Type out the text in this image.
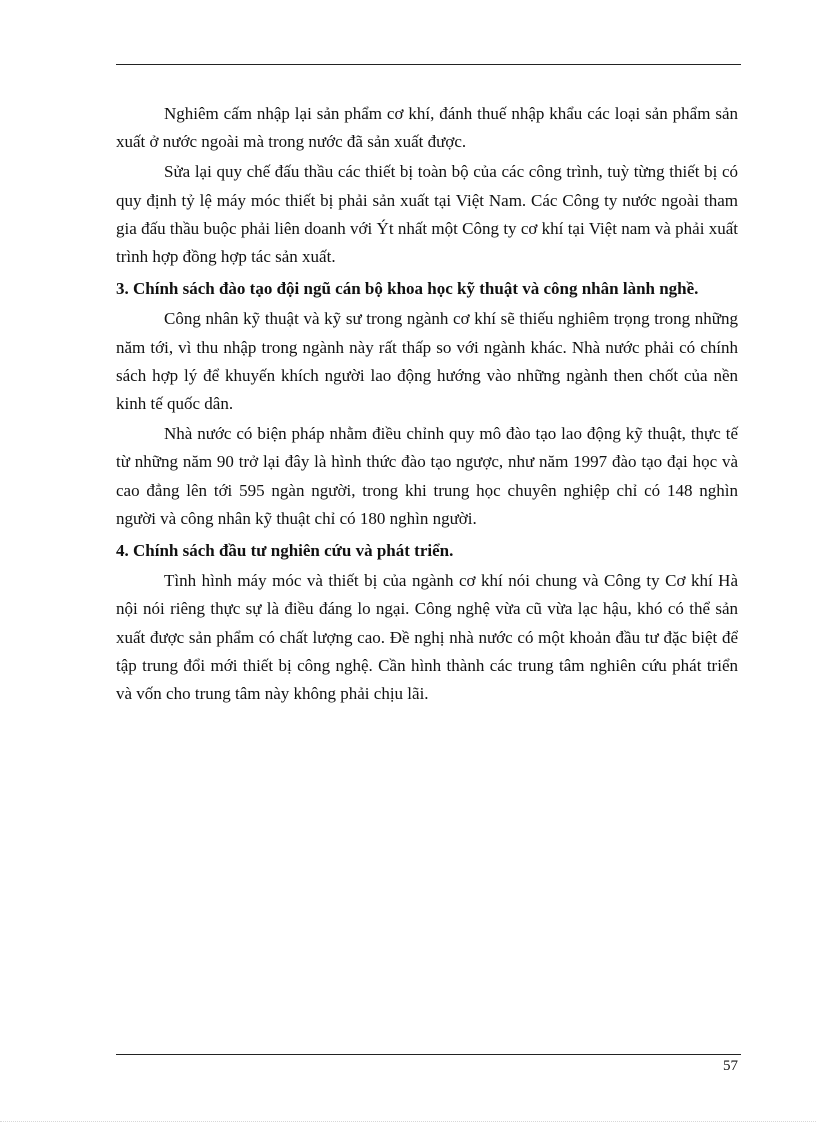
Nghiêm cấm nhập lại sản phẩm cơ khí, đánh thuế nhập khẩu các loại sản phẩm sản xuất ở nước ngoài mà trong nước đã sản xuất được.

Sửa lại quy chế đấu thầu các thiết bị toàn bộ của các công trình, tuỳ từng thiết bị có quy định tỷ lệ máy móc thiết bị phải sản xuất tại Việt Nam. Các Công ty nước ngoài tham gia đấu thầu buộc phải liên doanh với Ýt nhất một Công ty cơ khí tại Việt nam và phải xuất trình hợp đồng hợp tác sản xuất.

3. Chính sách đào tạo đội ngũ cán bộ khoa học kỹ thuật và công nhân lành nghề.

Công nhân kỹ thuật và kỹ sư trong ngành cơ khí sẽ thiếu nghiêm trọng trong những năm tới, vì thu nhập trong ngành này rất thấp so với ngành khác. Nhà nước phải có chính sách hợp lý để khuyến khích người lao động hướng vào những ngành then chốt của nền kinh tế quốc dân.

Nhà nước có biện pháp nhằm điều chỉnh quy mô đào tạo lao động kỹ thuật, thực tế từ những năm 90 trở lại đây là hình thức đào tạo ngược, như năm 1997 đào tạo đại học và cao đẳng lên tới 595 ngàn người, trong khi trung học chuyên nghiệp chỉ có 148 nghìn người và công nhân kỹ thuật chỉ có 180 nghìn người.

4. Chính sách đầu tư nghiên cứu và phát triển.

Tình hình máy móc và thiết bị của ngành cơ khí nói chung và Công ty Cơ khí Hà nội nói riêng thực sự là điều đáng lo ngại. Công nghệ vừa cũ vừa lạc hậu, khó có thể sản xuất được sản phẩm có chất lượng cao. Đề nghị nhà nước có một khoản đầu tư đặc biệt để tập trung đổi mới thiết bị công nghệ. Cần hình thành các trung tâm nghiên cứu phát triển và vốn cho trung tâm này không phải chịu lãi.

57
